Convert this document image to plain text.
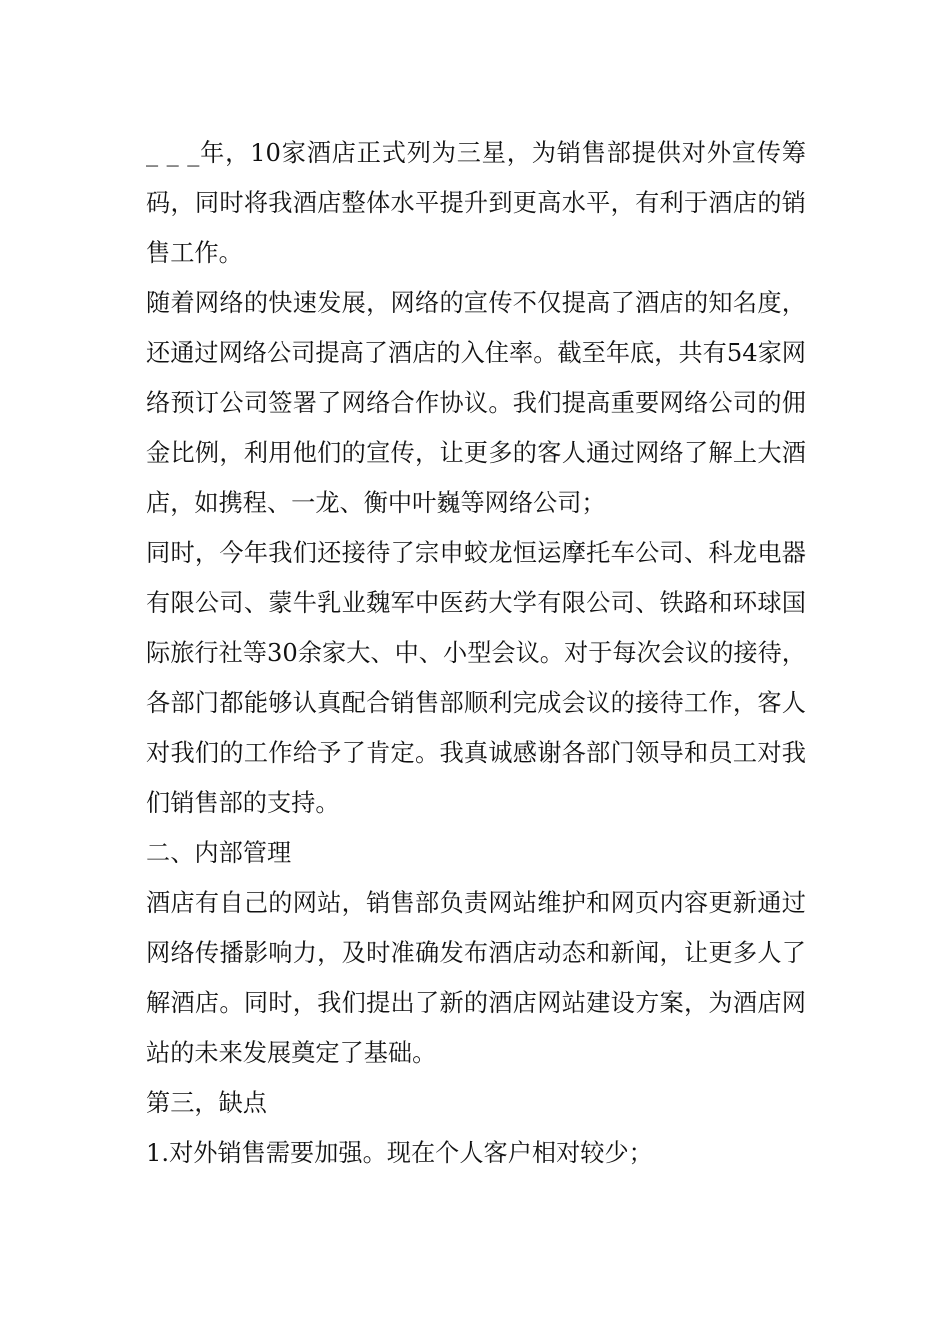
_ _ _年，10家酒店正式列为三星，为销售部提供对外宣传筹码，同时将我酒店整体水平提升到更高水平，有利于酒店的销售工作。

随着网络的快速发展，网络的宣传不仅提高了酒店的知名度，还通过网络公司提高了酒店的入住率。截至年底，共有54家网络预订公司签署了网络合作协议。我们提高重要网络公司的佣金比例，利用他们的宣传，让更多的客人通过网络了解上大酒店，如携程、一龙、衡中叶巍等网络公司；

同时，今年我们还接待了宗申蛟龙恒运摩托车公司、科龙电器有限公司、蒙牛乳业魏军中医药大学有限公司、铁路和环球国际旅行社等30余家大、中、小型会议。对于每次会议的接待，各部门都能够认真配合销售部顺利完成会议的接待工作，客人对我们的工作给予了肯定。我真诚感谢各部门领导和员工对我们销售部的支持。

二、内部管理

酒店有自己的网站，销售部负责网站维护和网页内容更新通过网络传播影响力，及时准确发布酒店动态和新闻，让更多人了解酒店。同时，我们提出了新的酒店网站建设方案，为酒店网站的未来发展奠定了基础。

第三，缺点

1.对外销售需要加强。现在个人客户相对较少；
